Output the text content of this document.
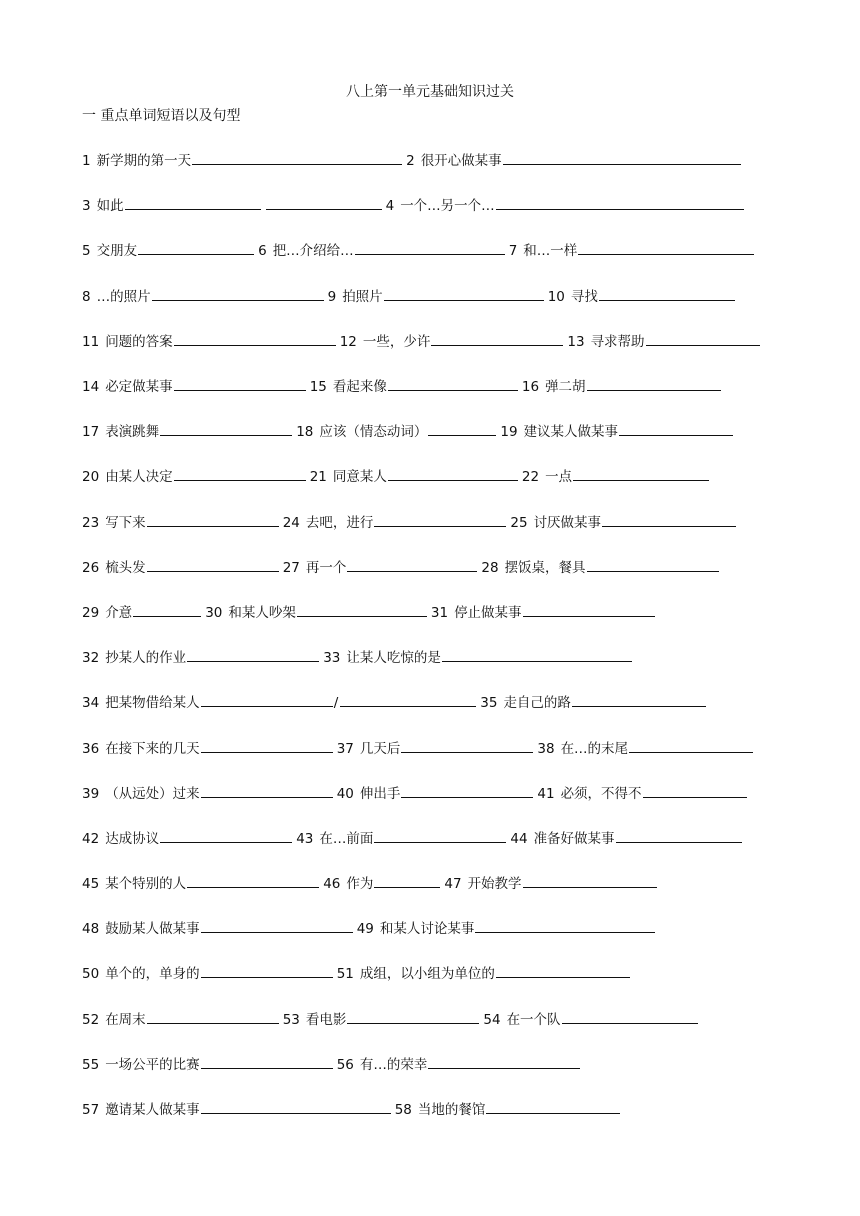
八上第一单元基础知识过关
一 重点单词短语以及句型
1 新学期的第一天	2 很开心做某事
3 如此	4 一个…另一个…
5 交朋友	6 把…介绍给…	7 和…一样
8 …的照片	9 拍照片	10 寻找
11 问题的答案	12 一些，少许	13 寻求帮助
14 必定做某事	15 看起来像	16 弹二胡
17 表演跳舞	18 应该（情态动词）	19 建议某人做某事
20 由某人决定	21 同意某人	22 一点
23 写下来	24 去吧，进行	25 讨厌做某事
26 梳头发	27 再一个	28 摆饭桌，餐具
29 介意	30 和某人吵架	31 停止做某事
32 抄某人的作业	33 让某人吃惊的是
34 把某物借给某人	/	35 走自己的路
36 在接下来的几天	37 几天后	38 在…的末尾
39 （从远处）过来	40 伸出手	41 必须，不得不
42 达成协议	43 在…前面	44 准备好做某事
45 某个特别的人	46 作为	47 开始教学
48 鼓励某人做某事	49 和某人讨论某事
50 单个的，单身的	51 成组，以小组为单位的
52 在周末	53 看电影	54 在一个队
55 一场公平的比赛	56 有…的荣幸
57 邀请某人做某事	58 当地的餐馆
